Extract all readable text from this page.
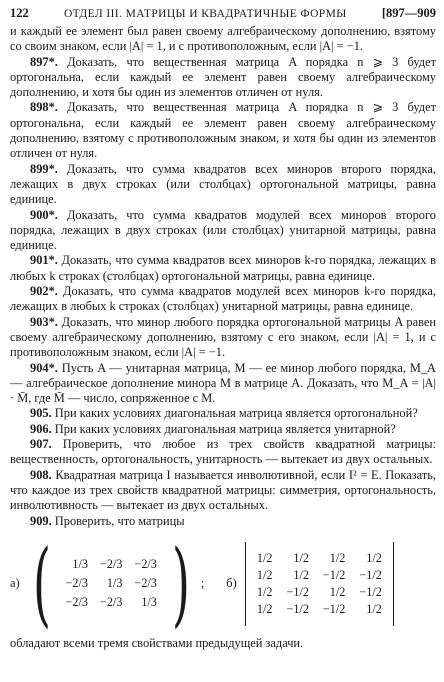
122	ОТДЕЛ III. МАТРИЦЫ И КВАДРАТИЧНЫЕ ФОРМЫ	[897—909

и каждый ее элемент был равен своему алгебраическому дополнению, взятому со своим знаком, если |A| = 1, и с противоположным, если |A| = −1.

897*. Доказать, что вещественная матрица A порядка n ⩾ 3 будет ортогональна, если каждый ее элемент равен своему алгебраическому дополнению, и хотя бы один из элементов отличен от нуля.

898*. Доказать, что вещественная матрица A порядка n ⩾ 3 будет ортогональна, если каждый ее элемент равен своему алгебраическому дополнению, взятому с противоположным знаком, и хотя бы один из элементов отличен от нуля.

899*. Доказать, что сумма квадратов всех миноров второго порядка, лежащих в двух строках (или столбцах) ортогональной матрицы, равна единице.

900*. Доказать, что сумма квадратов модулей всех миноров второго порядка, лежащих в двух строках (или столбцах) унитарной матрицы, равна единице.

901*. Доказать, что сумма квадратов всех миноров k-го порядка, лежащих в любых k строках (столбцах) ортогональной матрицы, равна единице.

902*. Доказать, что сумма квадратов модулей всех миноров k-го порядка, лежащих в любых k строках (столбцах) унитарной матрицы, равна единице.

903*. Доказать, что минор любого порядка ортогональной матрицы A равен своему алгебраическому дополнению, взятому с его знаком, если |A| = 1, и с противоположным знаком, если |A| = −1.

904*. Пусть A — унитарная матрица, M — ее минор любого порядка, M_A — алгебраическое дополнение минора M в матрице A. Доказать, что M_A = |A| · M̄, где M̄ — число, сопряженное с M.

905. При каких условиях диагональная матрица является ортогональной?

906. При каких условиях диагональная матрица является унитарной?

907. Проверить, что любое из трех свойств квадратной матрицы: вещественность, ортогональность, унитарность — вытекает из двух остальных.

908. Квадратная матрица I называется инволютивной, если I² = E. Показать, что каждое из трех свойств квадратной матрицы: симметрия, ортогональность, инволютивность — вытекает из двух остальных.

909. Проверить, что матрицы

а) ( 1/3	−2/3	−2/3
−2/3	1/3	−2/3
−2/3	−2/3	1/3 ) ; б)
1/2	1/2	1/2	1/2
1/2	1/2	−1/2	−1/2
1/2	−1/2	1/2	−1/2
1/2	−1/2	−1/2	1/2

обладают всеми тремя свойствами предыдущей задачи.
